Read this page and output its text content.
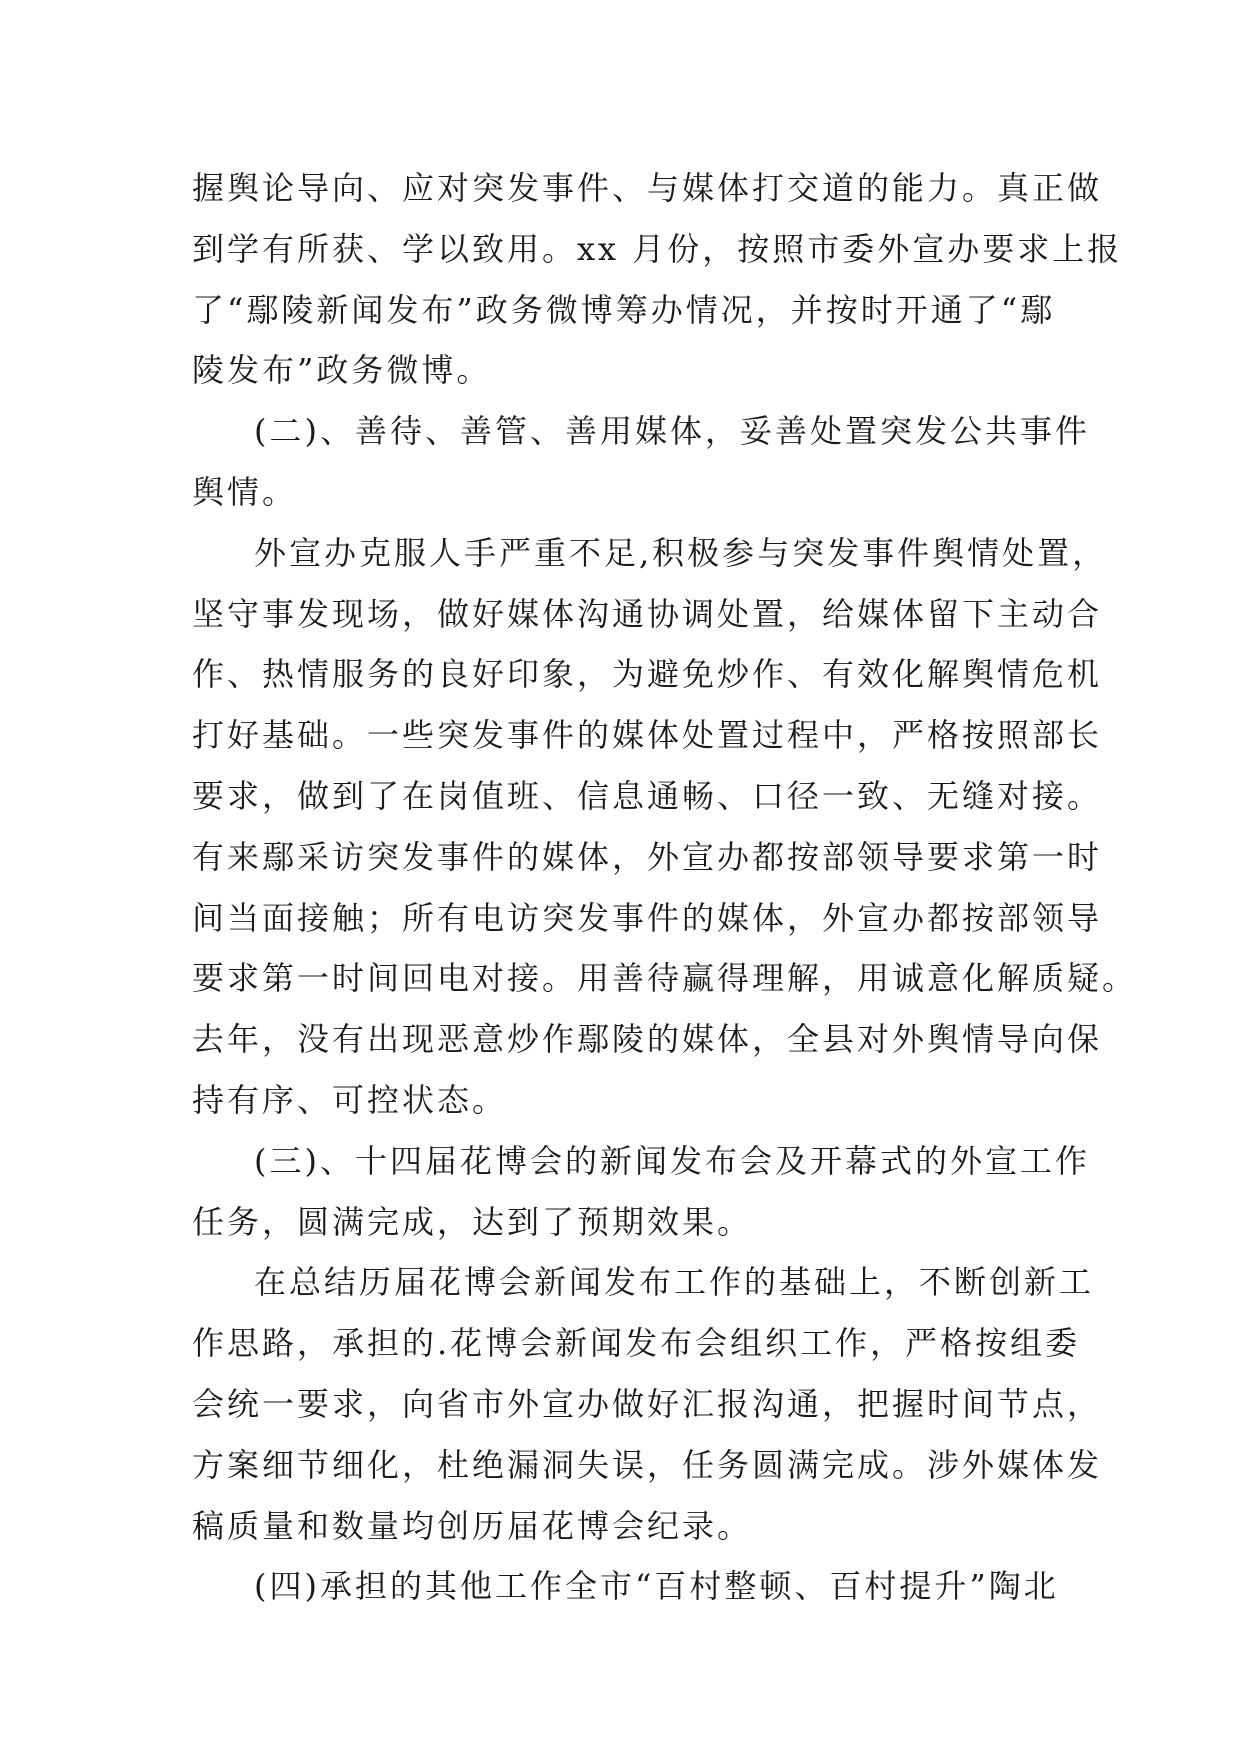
握舆论导向、应对突发事件、与媒体打交道的能力。真正做
到学有所获、学以致用。xx 月份，按照市委外宣办要求上报
了“鄢陵新闻发布”政务微博筹办情况，并按时开通了“鄢
陵发布”政务微博。
(二)、善待、善管、善用媒体，妥善处置突发公共事件
舆情。
外宣办克服人手严重不足,积极参与突发事件舆情处置，
坚守事发现场，做好媒体沟通协调处置，给媒体留下主动合
作、热情服务的良好印象，为避免炒作、有效化解舆情危机
打好基础。一些突发事件的媒体处置过程中，严格按照部长
要求，做到了在岗值班、信息通畅、口径一致、无缝对接。
有来鄢采访突发事件的媒体，外宣办都按部领导要求第一时
间当面接触；所有电访突发事件的媒体，外宣办都按部领导
要求第一时间回电对接。用善待赢得理解，用诚意化解质疑。
去年，没有出现恶意炒作鄢陵的媒体，全县对外舆情导向保
持有序、可控状态。
(三)、十四届花博会的新闻发布会及开幕式的外宣工作
任务，圆满完成，达到了预期效果。
在总结历届花博会新闻发布工作的基础上，不断创新工
作思路，承担的.花博会新闻发布会组织工作，严格按组委
会统一要求，向省市外宣办做好汇报沟通，把握时间节点，
方案细节细化，杜绝漏洞失误，任务圆满完成。涉外媒体发
稿质量和数量均创历届花博会纪录。
(四)承担的其他工作全市“百村整顿、百村提升”陶北
